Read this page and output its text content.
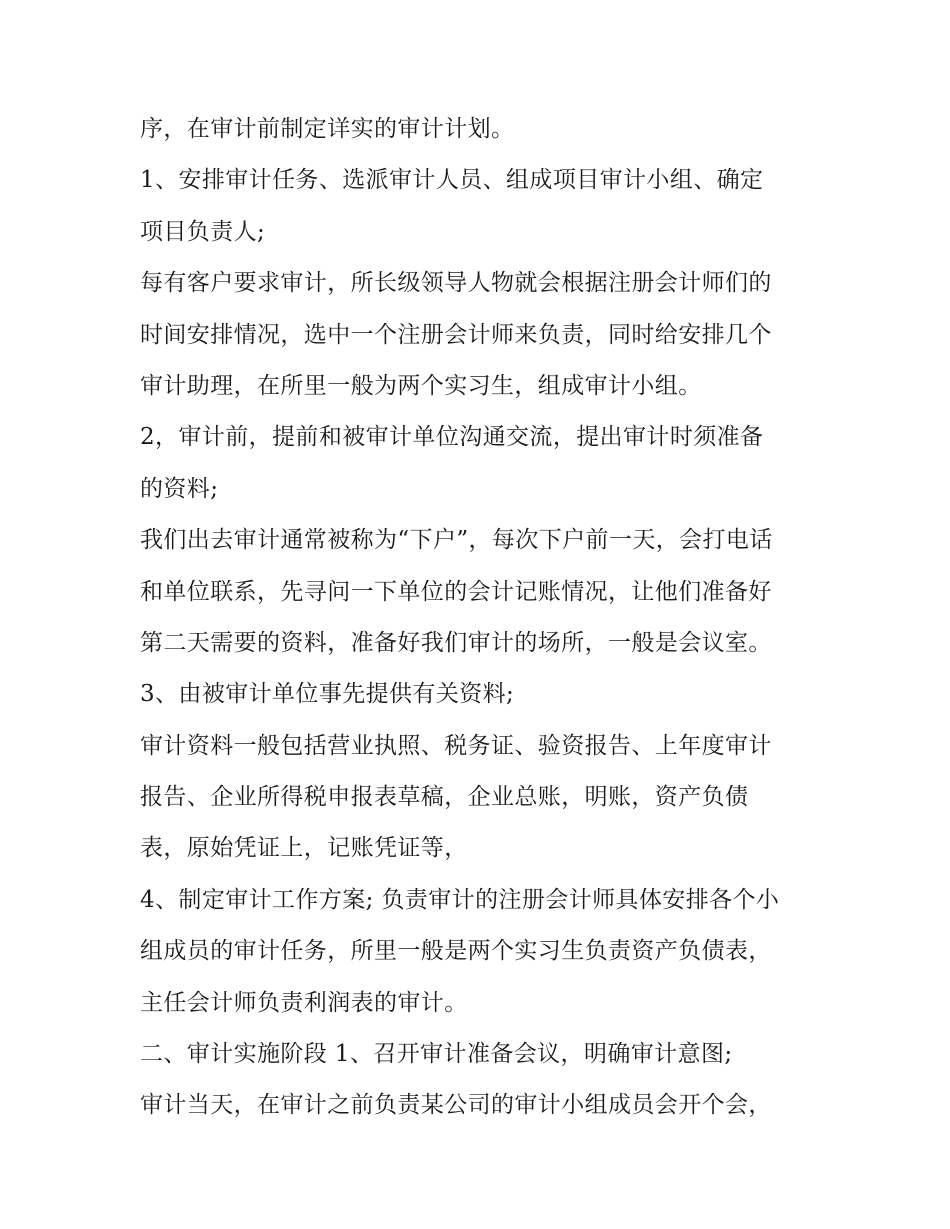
序，在审计前制定详实的审计计划。
1、安排审计任务、选派审计人员、组成项目审计小组、确定
项目负责人;
每有客户要求审计，所长级领导人物就会根据注册会计师们的
时间安排情况，选中一个注册会计师来负责，同时给安排几个
审计助理，在所里一般为两个实习生，组成审计小组。
2，审计前，提前和被审计单位沟通交流，提出审计时须准备
的资料;
我们出去审计通常被称为“下户”，每次下户前一天，会打电话
和单位联系，先寻问一下单位的会计记账情况，让他们准备好
第二天需要的资料，准备好我们审计的场所，一般是会议室。
3、由被审计单位事先提供有关资料;
审计资料一般包括营业执照、税务证、验资报告、上年度审计
报告、企业所得税申报表草稿，企业总账，明账，资产负债
表，原始凭证上，记账凭证等，
4、制定审计工作方案; 负责审计的注册会计师具体安排各个小
组成员的审计任务，所里一般是两个实习生负责资产负债表，
主任会计师负责利润表的审计。
二、审计实施阶段 1、召开审计准备会议，明确审计意图;
审计当天，在审计之前负责某公司的审计小组成员会开个会，
